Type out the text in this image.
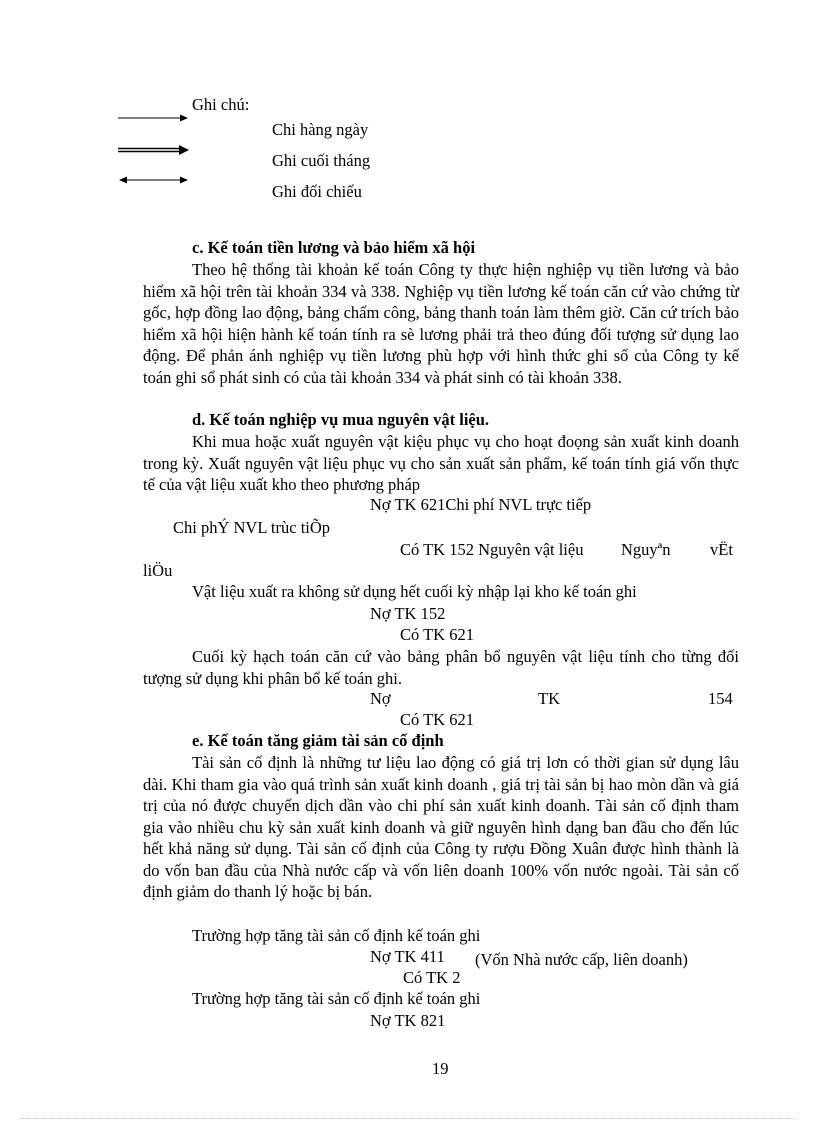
Ghi chú:
Chi hàng ngày
Ghi cuối tháng
Ghi đối chiếu
c. Kế toán tiền lương và bảo hiểm xã hội

Theo hệ thống tài khoản kế toán Công ty thực hiện nghiệp vụ tiền lương và bảo hiểm xã hội trên tài khoản 334 và 338. Nghiệp vụ tiền lương kế toán căn cứ vào chứng từ gốc, hợp đồng lao động, bảng chấm công, bảng thanh toán làm thêm giờ. Căn cứ trích bảo hiểm xã hội hiện hành kế toán tính ra sè lương phải trả theo đúng đối tượng sử dụng lao động. Để phản ánh nghiệp vụ tiền lương phù hợp với hình thức ghi sổ của Công ty kế toán ghi sổ phát sinh có của tài khoản 334 và phát sinh có tài khoản 338.

d. Kế toán nghiệp vụ mua nguyên vật liệu.

Khi mua hoặc xuất nguyên vật kiệu phục vụ cho hoạt đoọng sản xuất kinh doanh trong kỳ. Xuất nguyên vật liệu phục vụ cho sản xuất sản phẩm, kế toán tính giá vốn thực tế của vật liệu xuất kho theo phương pháp

Nợ TK 621Chi phí NVL trực tiếp
Chi phÝ NVL trùc tiÕp
Có TK 152 Nguyên vật liệu Nguyªn vËt
liÖu
Vật liệu xuất ra không sử dụng hết cuối kỳ nhập lại kho kế toán ghi
Nợ TK 152
Có TK 621

Cuối kỳ hạch toán căn cứ vào bảng phân bổ nguyên vật liệu tính cho từng đối tượng sử dụng khi phân bổ kế toán ghi.

Nợ	TK	154
Có TK 621
e. Kế toán tăng giảm tài sản cố định

Tài sản cố định là những tư liệu lao động có giá trị lơn có thời gian sử dụng lâu dài. Khi tham gia vào quá trình sản xuất kinh doanh , giá trị tài sản bị hao mòn dần và giá trị của nó được chuyển dịch dần vào chi phí sản xuất kinh doanh. Tài sản cố định tham gia vào nhiều chu kỳ sản xuất kinh doanh và giữ nguyên hình dạng ban đầu cho đến lúc hết khả năng sử dụng. Tài sản cố định của Công ty rượu Đồng Xuân được hình thành là do vốn ban đầu của Nhà nước cấp và vốn liên doanh 100% vốn nước ngoài. Tài sản cố định giảm do thanh lý hoặc bị bán.

Trường hợp tăng tài sản cố định kế toán ghi
Nợ TK 411 (Vốn Nhà nước cấp, liên doanh)
Có TK 2
Trường hợp tăng tài sản cố định kế toán ghi
Nợ TK 821
19
